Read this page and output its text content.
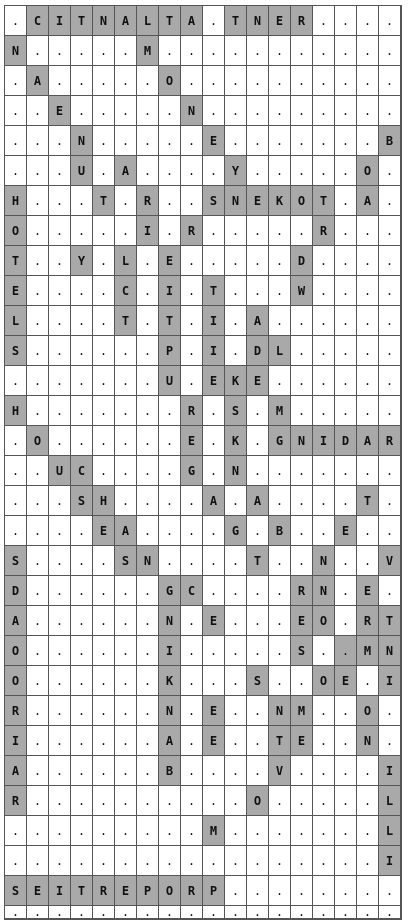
.	C	I	T	N	A	L	T	A	.	T	N	E	R	.	.	.	.
N	.	.	.	.	.	M	.	.	.	.	.	.	.	.	.	.	.
.	A	.	.	.	.	.	O	.	.	.	.	.	.	.	.	.	.
.	.	E	.	.	.	.	.	N	.	.	.	.	.	.	.	.	.
.	.	.	N	.	.	.	.	.	E	.	.	.	.	.	.	.	B
.	.	.	U	.	A	.	.	.	.	Y	.	.	.	.	.	O	.
H	.	.	.	T	.	R	.	.	S	N	E	K	O	T	.	A	.
O	.	.	.	.	.	I	.	R	.	.	.	.	.	R	.	.	.
T	.	.	Y	.	L	.	E	.	.	.	.	.	D	.	.	.	.
E	.	.	.	.	C	.	I	.	T	.	.	.	W	.	.	.	.
L	.	.	.	.	T	.	T	.	I	.	A	.	.	.	.	.	.
S	.	.	.	.	.	.	P	.	I	.	D	L	.	.	.	.	.
.	.	.	.	.	.	.	U	.	E	K	E	.	.	.	.	.	.
H	.	.	.	.	.	.	.	R	.	S	.	M	.	.	.	.	.
.	O	.	.	.	.	.	.	E	.	K	.	G	N	I	D	A	R
.	.	U	C	.	.	.	.	G	.	N	.	.	.	.	.	.	.
.	.	.	S	H	.	.	.	.	A	.	A	.	.	.	.	T	.
.	.	.	.	E	A	.	.	.	.	G	.	B	.	.	E	.	.
S	.	.	.	.	S	N	.	.	.	.	T	.	.	N	.	.	V
D	.	.	.	.	.	.	G	C	.	.	.	.	R	N	.	E	.
A	.	.	.	.	.	.	N	.	E	.	.	.	E	O	.	R	T
O	.	.	.	.	.	.	I	.	.	.	.	.	S	.	.	M	N
O	.	.	.	.	.	.	K	.	.	.	S	.	.	O	E	.	I
R	.	.	.	.	.	.	N	.	E	.	.	N	M	.	.	O	.
I	.	.	.	.	.	.	A	.	E	.	.	T	E	.	.	N	.
A	.	.	.	.	.	.	B	.	.	.	.	V	.	.	.	.	I
R	.	.	.	.	.	.	.	.	.	.	O	.	.	.	.	.	L
.	.	.	.	.	.	.	.	.	M	.	.	.	.	.	.	.	L
.	.	.	.	.	.	.	.	.	.	.	.	.	.	.	.	.	I
S	E	I	T	R	E	P	O	R	P	.	.	.	.	.	.	.	.
.	.	.	.	.	.	.	.	.	.	.	.	.	.	.	.	.	.
